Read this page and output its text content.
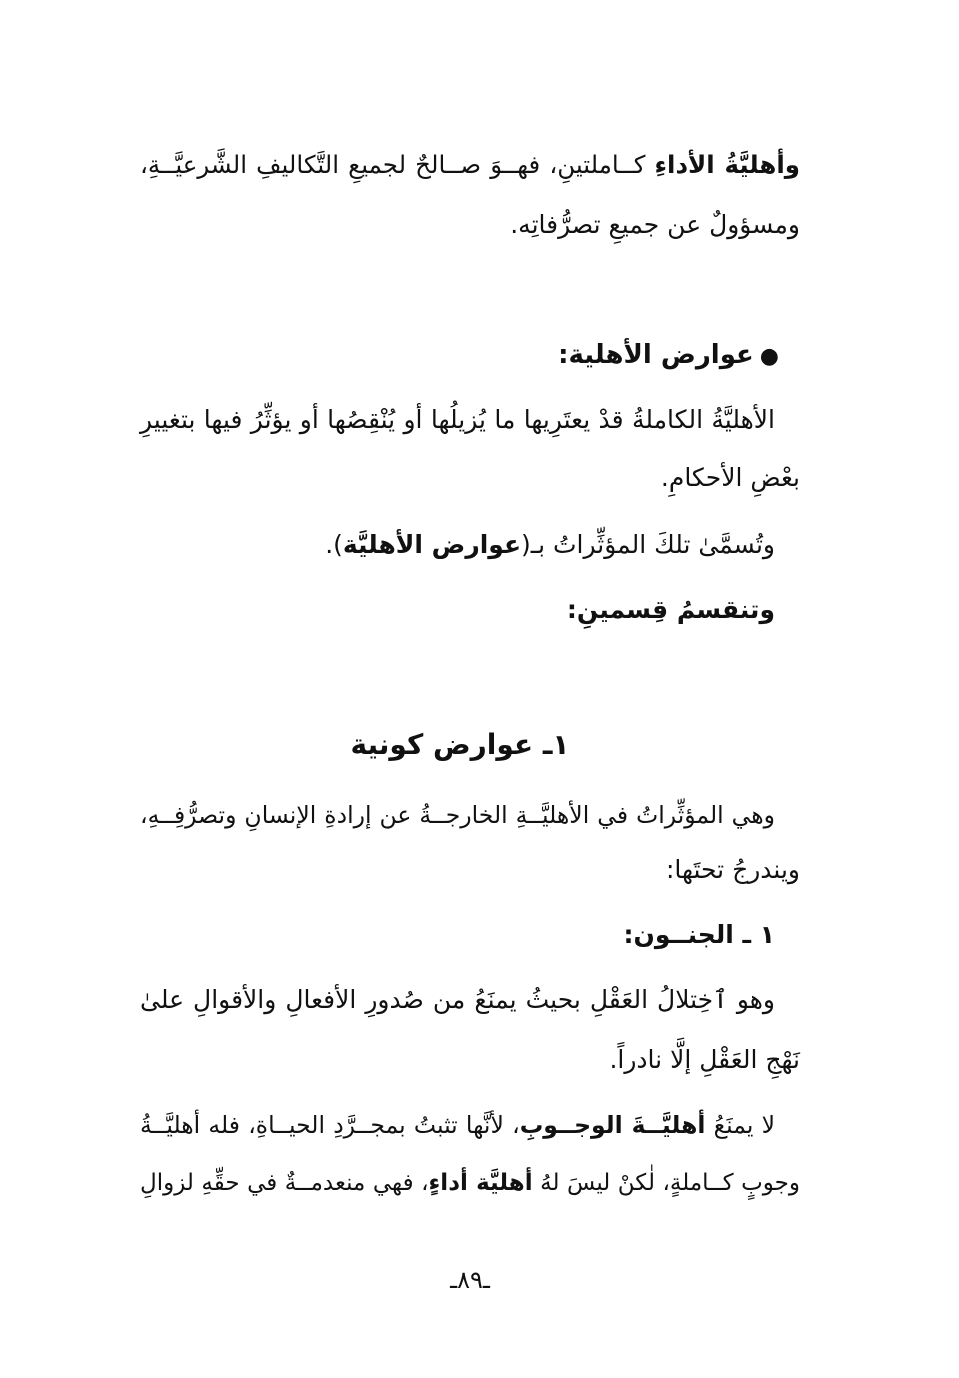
وأهليَّةُ الأداءِ كــاملتينِ، فهــوَ صــالحٌ لجميعِ التَّكاليفِ الشَّرعيَّــةِ،
ومسؤولٌ عن جميعِ تصرُّفاتِه.
●عوارض الأهلية:
الأهليَّةُ الكاملةُ قدْ يعتَرِيها ما يُزيلُها أو يُنْقِصُها أو يؤثِّرُ فيها بتغييرِ
بعْضِ الأحكامِ.
وتُسمَّىٰ تلكَ المؤثِّراتُ بـ(عوارض الأهليَّة).
وتنقسمُ قِسمينِ:
١ـ عوارض كونية
وهي المؤثِّراتُ في الأهليَّــةِ الخارجــةُ عن إرادةِ الإنسانِ وتصرُّفِــهِ،
ويندرجُ تحتَها:
١ ـ الجنــون:
وهو ٱخِتلالُ العَقْلِ بحيثُ يمنَعُ من صُدورِ الأفعالِ والأقوالِ علىٰ
نَهْجِ العَقْلِ إلَّا نادراً.
لا يمنَعُ أهليَّــةَ الوجــوبِ، لأنَّها تثبتُ بمجــرَّدِ الحيــاةِ، فله أهليَّــةُ
وجوبٍ كــاملةٍ، لٰكنْ ليسَ لهُ أهليَّة أداءٍ، فهي منعدمــةٌ في حقِّهِ لزوالِ
ـ٨٩ـ
